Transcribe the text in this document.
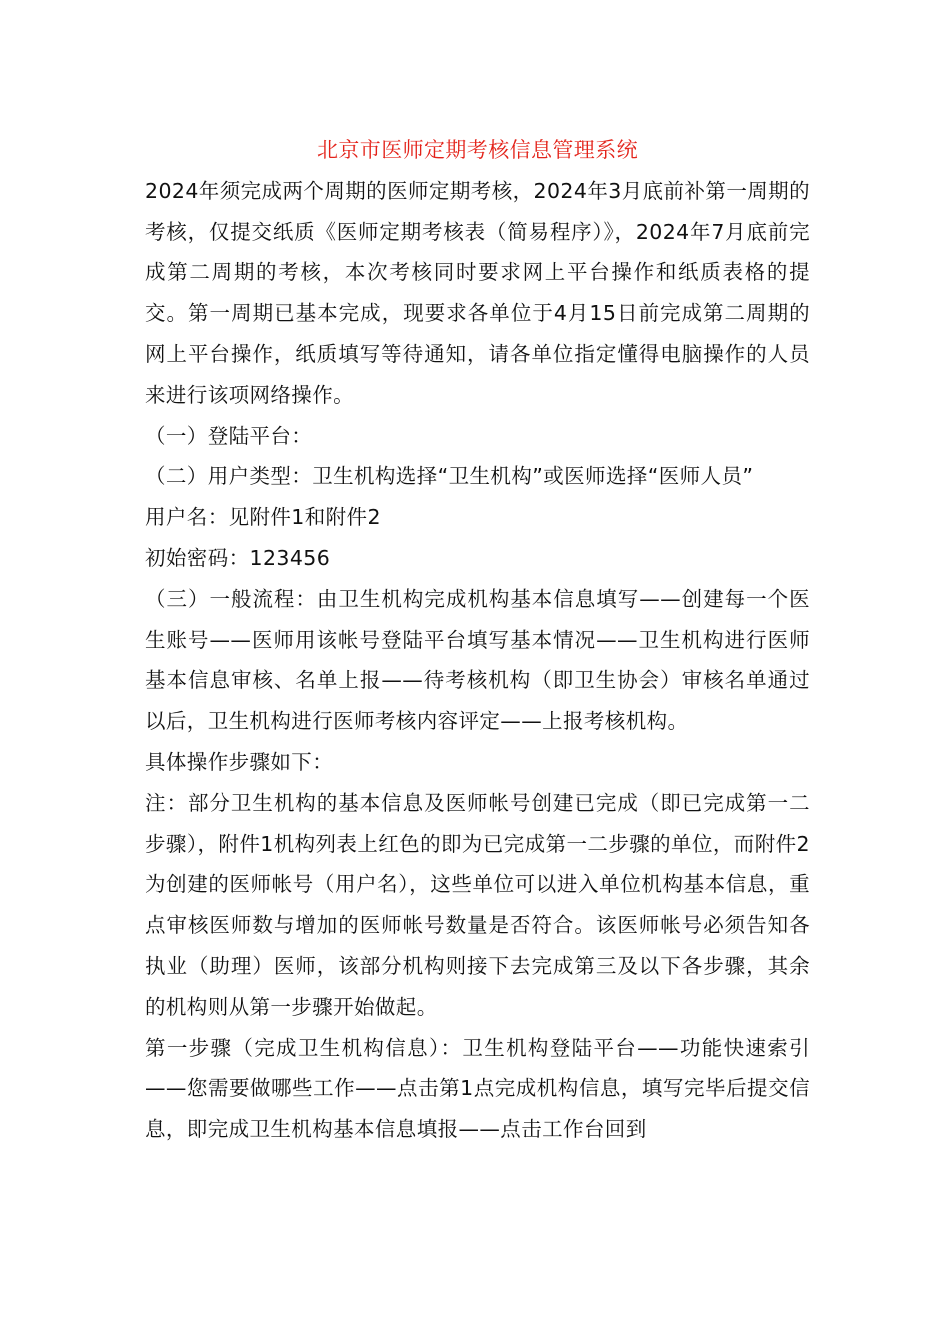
北京市医师定期考核信息管理系统

2024年须完成两个周期的医师定期考核，2024年3月底前补第一周期的考核，仅提交纸质《医师定期考核表（简易程序）》，2024年7月底前完成第二周期的考核，本次考核同时要求网上平台操作和纸质表格的提交。第一周期已基本完成，现要求各单位于4月15日前完成第二周期的网上平台操作，纸质填写等待通知，请各单位指定懂得电脑操作的人员来进行该项网络操作。

（一）登陆平台：

（二）用户类型：卫生机构选择“卫生机构”或医师选择“医师人员”

用户名：见附件1和附件2

初始密码：123456

（三）一般流程：由卫生机构完成机构基本信息填写——创建每一个医生账号——医师用该帐号登陆平台填写基本情况——卫生机构进行医师基本信息审核、名单上报——待考核机构（即卫生协会）审核名单通过以后，卫生机构进行医师考核内容评定——上报考核机构。

具体操作步骤如下：

注：部分卫生机构的基本信息及医师帐号创建已完成（即已完成第一二步骤），附件1机构列表上红色的即为已完成第一二步骤的单位，而附件2为创建的医师帐号（用户名），这些单位可以进入单位机构基本信息，重点审核医师数与增加的医师帐号数量是否符合。该医师帐号必须告知各执业（助理）医师，该部分机构则接下去完成第三及以下各步骤，其余的机构则从第一步骤开始做起。

第一步骤（完成卫生机构信息）：卫生机构登陆平台——功能快速索引——您需要做哪些工作——点击第1点完成机构信息，填写完毕后提交信息，即完成卫生机构基本信息填报——点击工作台回到
